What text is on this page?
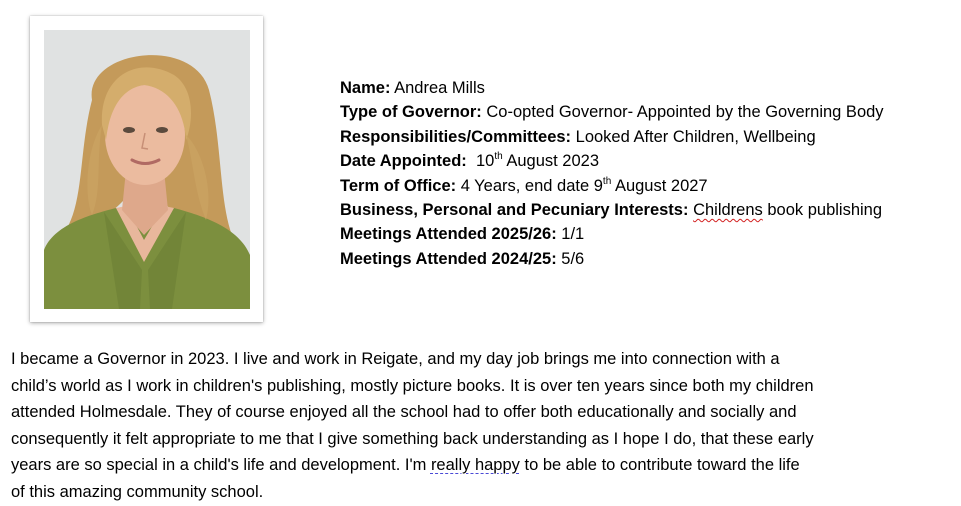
Name: Andrea Mills
Type of Governor: Co-opted Governor- Appointed by the Governing Body
Responsibilities/Committees: Looked After Children, Wellbeing
Date Appointed:  10th August 2023
Term of Office: 4 Years, end date 9th August 2027
Business, Personal and Pecuniary Interests: Childrens book publishing
Meetings Attended 2025/26: 1/1
Meetings Attended 2024/25: 5/6
I became a Governor in 2023. I live and work in Reigate, and my day job brings me into connection with a
child’s world as I work in children's publishing, mostly picture books. It is over ten years since both my children
attended Holmesdale. They of course enjoyed all the school had to offer both educationally and socially and
consequently it felt appropriate to me that I give something back understanding as I hope I do, that these early
years are so special in a child's life and development. I'm really happy to be able to contribute toward the life
of this amazing community school.
